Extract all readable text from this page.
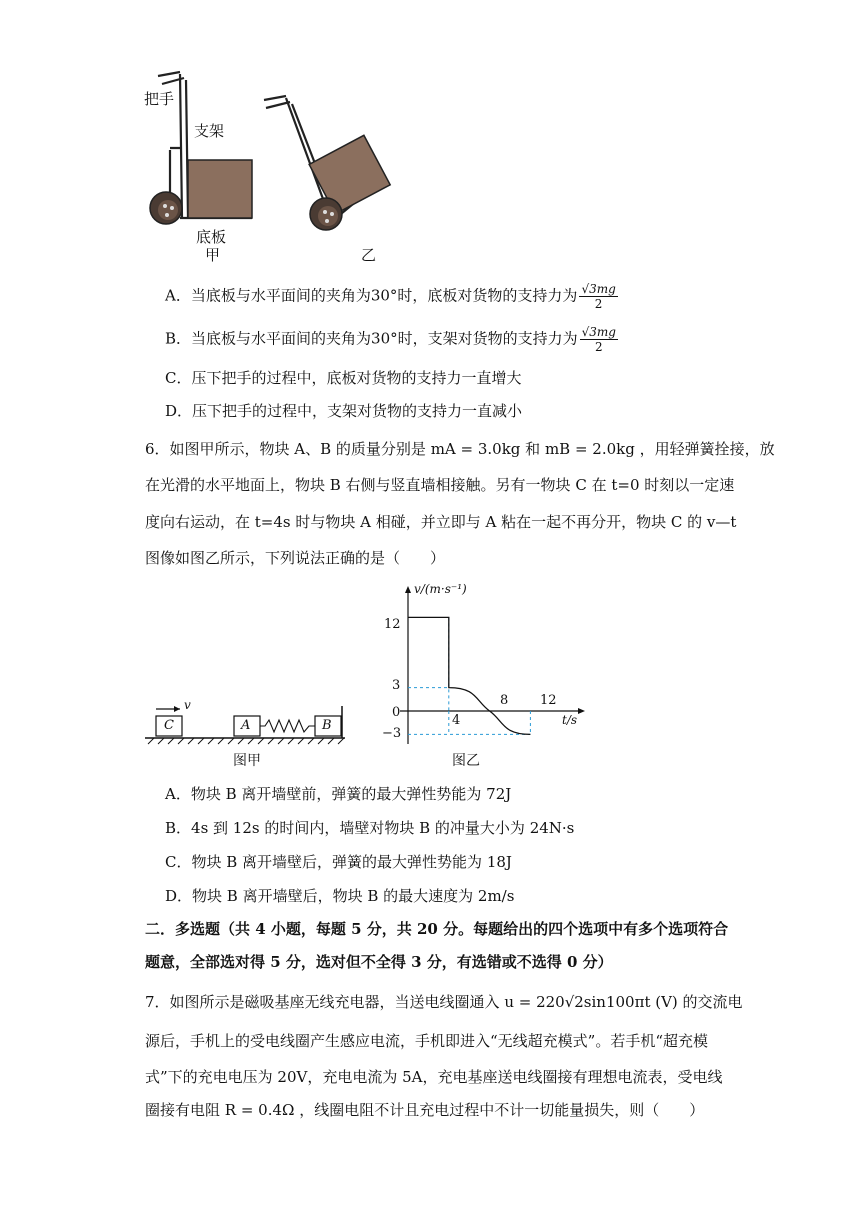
把手
支架
底板
甲	乙
A．当底板与水平面间的夹角为30°时，底板对货物的支持力为 $\frac{√3mg}{2}$
B．当底板与水平面间的夹角为30°时，支架对货物的支持力为 $\frac{√3mg}{2}$
C．压下把手的过程中，底板对货物的支持力一直增大
D．压下把手的过程中，支架对货物的支持力一直减小
6．如图甲所示，物块 A、B 的质量分别是 mA = 3.0kg 和 mB = 2.0kg ，用轻弹簧拴接，放
在光滑的水平地面上，物块 B 右侧与竖直墙相接触。另有一物块 C 在 t=0 时刻以一定速
度向右运动，在 t=4s 时与物块 A 相碰，并立即与 A 粘在一起不再分开，物块 C 的 v—t
图像如图乙所示，下列说法正确的是（　　）
v
C	A	B
图甲
v/(m·s⁻¹)
t/s
12
3
0
−3
4
8 12
图乙
A．物块 B 离开墙壁前，弹簧的最大弹性势能为 72J
B．4s 到 12s 的时间内，墙壁对物块 B 的冲量大小为 24N·s
C．物块 B 离开墙壁后，弹簧的最大弹性势能为 18J
D．物块 B 离开墙壁后，物块 B 的最大速度为 2m/s
二．多选题（共 4 小题，每题 5 分，共 20 分。每题给出的四个选项中有多个选项符合
题意，全部选对得 5 分，选对但不全得 3 分，有选错或不选得 0 分）
7．如图所示是磁吸基座无线充电器，当送电线圈通入 u = 220√2sin100πt (V) 的交流电
源后，手机上的受电线圈产生感应电流，手机即进入“无线超充模式”。若手机“超充模
式”下的充电电压为 20V，充电电流为 5A，充电基座送电线圈接有理想电流表，受电线
圈接有电阻 R = 0.4Ω ，线圈电阻不计且充电过程中不计一切能量损失，则（　　）
